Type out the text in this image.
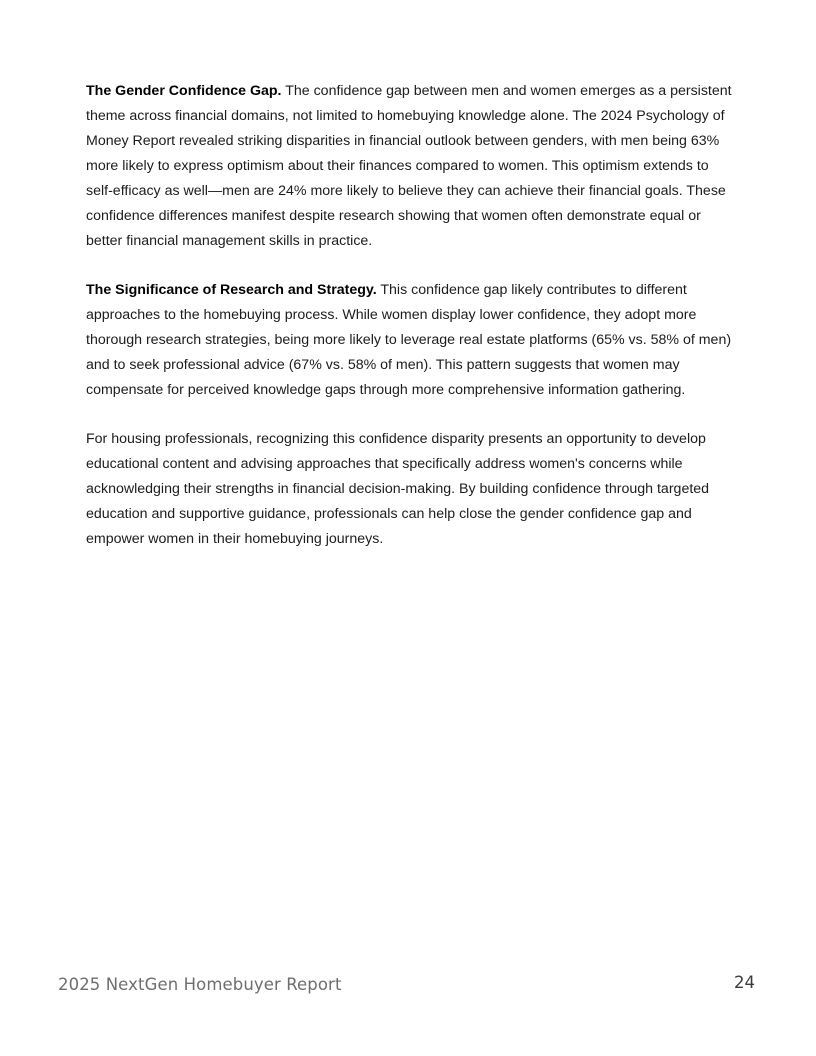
The Gender Confidence Gap. The confidence gap between men and women emerges as a persistent theme across financial domains, not limited to homebuying knowledge alone. The 2024 Psychology of Money Report revealed striking disparities in financial outlook between genders, with men being 63% more likely to express optimism about their finances compared to women. This optimism extends to self-efficacy as well—men are 24% more likely to believe they can achieve their financial goals. These confidence differences manifest despite research showing that women often demonstrate equal or better financial management skills in practice.

The Significance of Research and Strategy. This confidence gap likely contributes to different approaches to the homebuying process. While women display lower confidence, they adopt more thorough research strategies, being more likely to leverage real estate platforms (65% vs. 58% of men) and to seek professional advice (67% vs. 58% of men). This pattern suggests that women may compensate for perceived knowledge gaps through more comprehensive information gathering.

For housing professionals, recognizing this confidence disparity presents an opportunity to develop educational content and advising approaches that specifically address women's concerns while acknowledging their strengths in financial decision-making. By building confidence through targeted education and supportive guidance, professionals can help close the gender confidence gap and empower women in their homebuying journeys.

2025 NextGen Homebuyer Report	24
